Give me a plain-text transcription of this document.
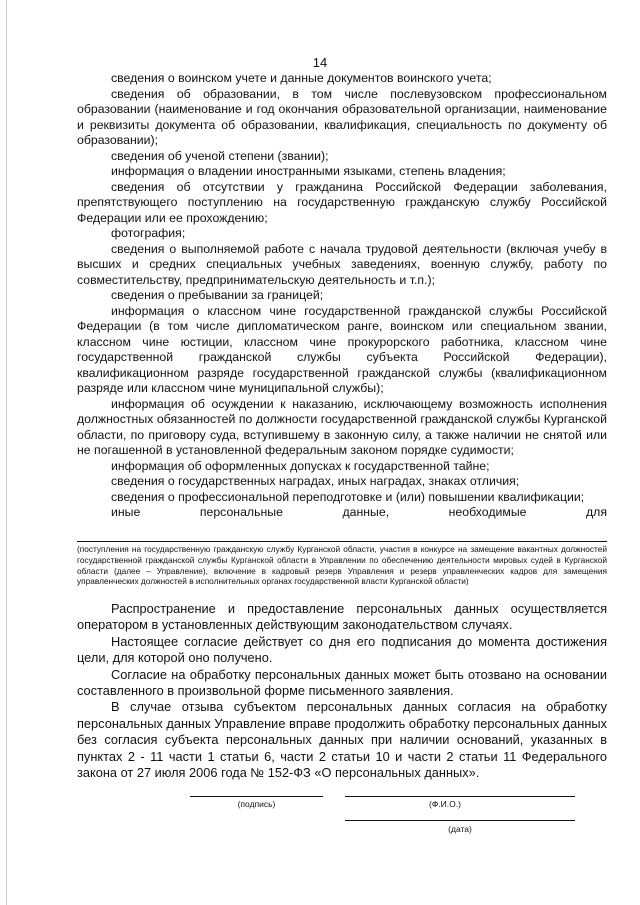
14

сведения о воинском учете и данные документов воинского учета;

сведения об образовании, в том числе послевузовском профессиональном образовании (наименование и год окончания образовательной организации, наименование и реквизиты документа об образовании, квалификация, специальность по документу об образовании);

сведения об ученой степени (звании);

информация о владении иностранными языками, степень владения;

сведения об отсутствии у гражданина Российской Федерации заболевания, препятствующего поступлению на государственную гражданскую службу Российской Федерации или ее прохождению;

фотография;

сведения о выполняемой работе с начала трудовой деятельности (включая учебу в высших и средних специальных учебных заведениях, военную службу, работу по совместительству, предпринимательскую деятельность и т.п.);

сведения о пребывании за границей;

информация о классном чине государственной гражданской службы Российской Федерации (в том числе дипломатическом ранге, воинском или специальном звании, классном чине юстиции, классном чине прокурорского работника, классном чине государственной гражданской службы субъекта Российской Федерации), квалификационном разряде государственной гражданской службы (квалификационном разряде или классном чине муниципальной службы);

информация об осуждении к наказанию, исключающему возможность исполнения должностных обязанностей по должности государственной гражданской службы Курганской области, по приговору суда, вступившему в законную силу, а также наличии не снятой или не погашенной в установленной федеральным законом порядке судимости;

информация об оформленных допусках к государственной тайне;

сведения о государственных наградах, иных наградах, знаках отличия;

сведения о профессиональной переподготовке и (или) повышении квалификации;

иные персональные данные, необходимые для

(поступления на государственную гражданскую службу Курганской области, участия в конкурсе на замещение вакантных должностей государственной гражданской службы Курганской области в Управлении по обеспечению деятельности мировых судей в Курганской области (далее – Управление), включение в кадровый резерв Управления и резерв управленческих кадров для замещения управленческих должностей в исполнительных органах государственной власти Курганской области)

Распространение и предоставление персональных данных осуществляется оператором в установленных действующим законодательством случаях.

Настоящее согласие действует со дня его подписания до момента достижения цели, для которой оно получено.

Согласие на обработку персональных данных может быть отозвано на основании составленного в произвольной форме письменного заявления.

В случае отзыва субъектом персональных данных согласия на обработку персональных данных Управление вправе продолжить обработку персональных данных без согласия субъекта персональных данных при наличии оснований, указанных в пунктах 2 - 11 части 1 статьи 6, части 2 статьи 10 и части 2 статьи 11 Федерального закона от 27 июля 2006 года № 152-ФЗ «О персональных данных».

(подпись)	(Ф.И.О.)
(дата)
